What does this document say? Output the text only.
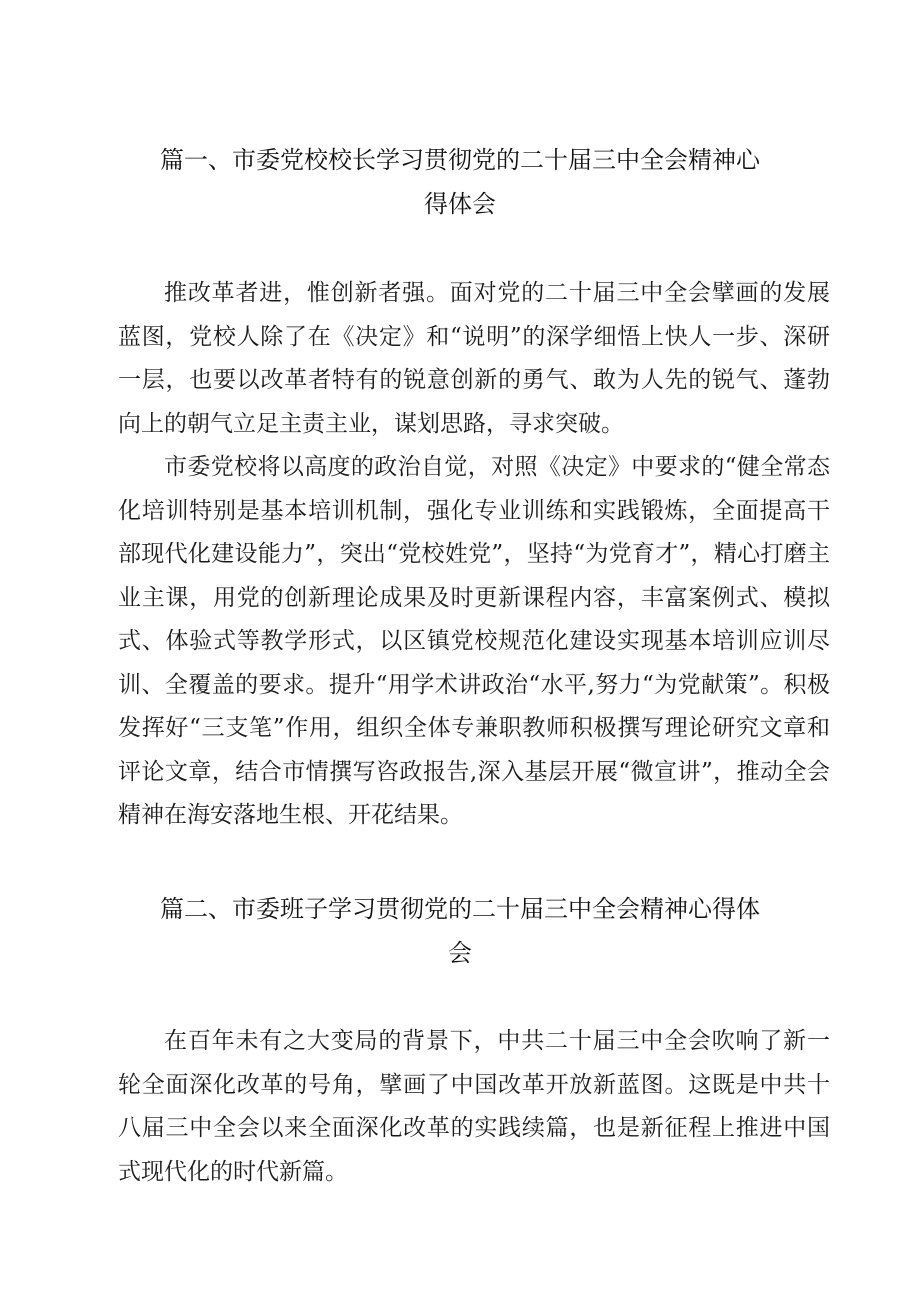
篇一、市委党校校长学习贯彻党的二十届三中全会精神心
得体会

推改革者进，惟创新者强。面对党的二十届三中全会擘画的发展蓝图，党校人除了在《决定》和“说明”的深学细悟上快人一步、深研一层，也要以改革者特有的锐意创新的勇气、敢为人先的锐气、蓬勃向上的朝气立足主责主业，谋划思路，寻求突破。

市委党校将以高度的政治自觉，对照《决定》中要求的“健全常态化培训特别是基本培训机制，强化专业训练和实践锻炼，全面提高干部现代化建设能力”，突出“党校姓党”，坚持“为党育才”，精心打磨主业主课，用党的创新理论成果及时更新课程内容，丰富案例式、模拟式、体验式等教学形式，以区镇党校规范化建设实现基本培训应训尽训、全覆盖的要求。提升“用学术讲政治“水平,努力“为党献策”。积极发挥好“三支笔”作用，组织全体专兼职教师积极撰写理论研究文章和评论文章，结合市情撰写咨政报告,深入基层开展“微宣讲”，推动全会精神在海安落地生根、开花结果。

篇二、市委班子学习贯彻党的二十届三中全会精神心得体
会

在百年未有之大变局的背景下，中共二十届三中全会吹响了新一轮全面深化改革的号角，擘画了中国改革开放新蓝图。这既是中共十八届三中全会以来全面深化改革的实践续篇，也是新征程上推进中国式现代化的时代新篇。
